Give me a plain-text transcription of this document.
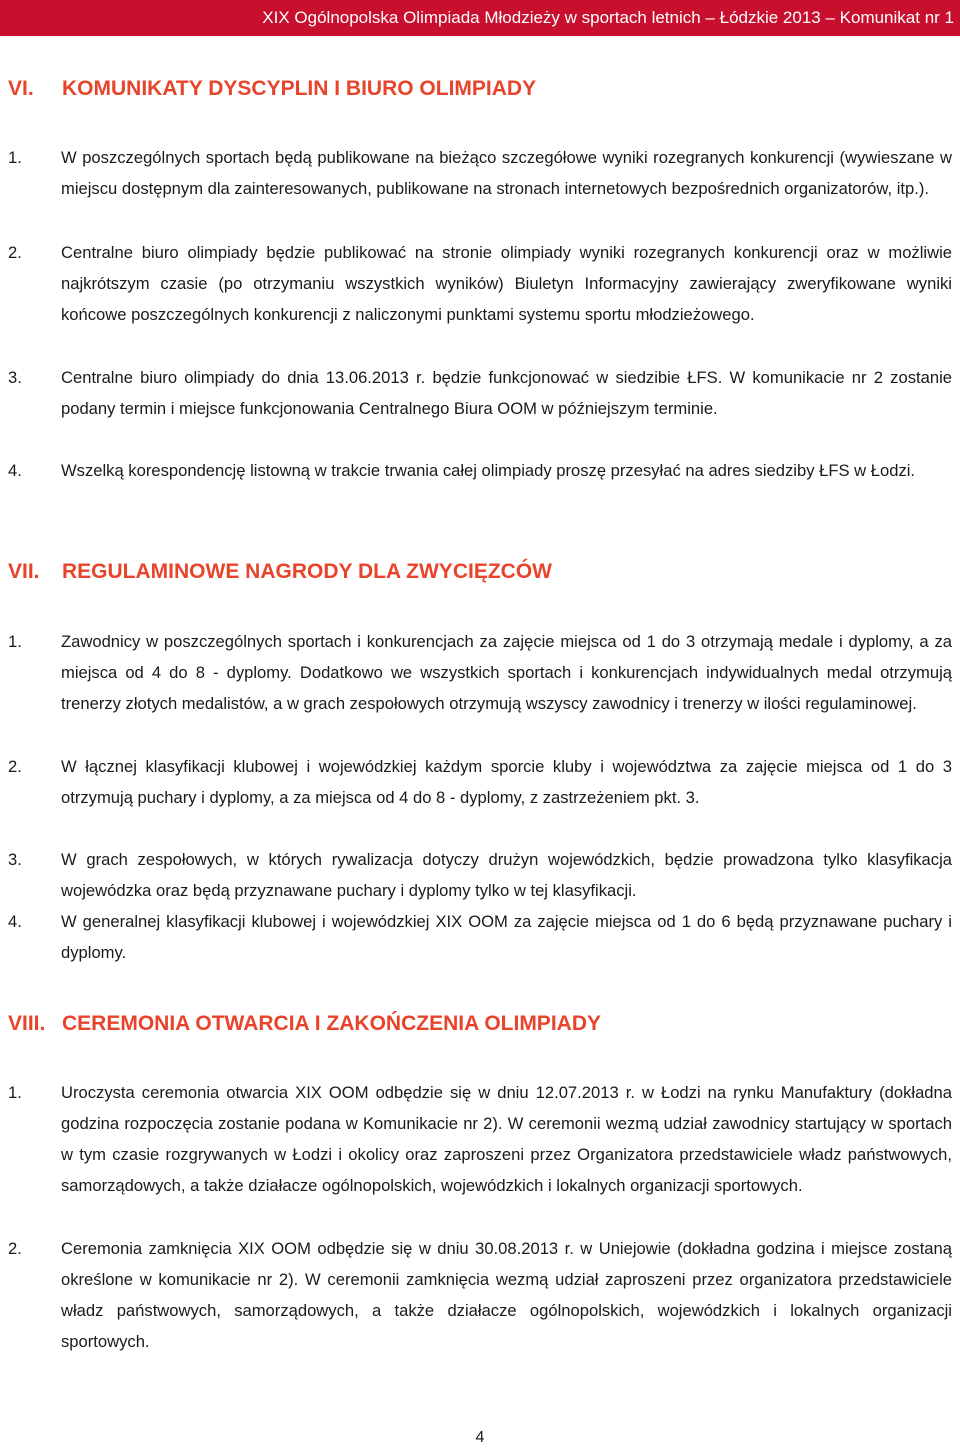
XIX Ogólnopolska Olimpiada Młodzieży w sportach letnich – Łódzkie 2013 – Komunikat nr 1
VI. KOMUNIKATY DYSCYPLIN I BIURO OLIMPIADY
1. W poszczególnych sportach będą publikowane na bieżąco szczegółowe wyniki rozegranych konkurencji (wywieszane w miejscu dostępnym dla zainteresowanych, publikowane na stronach internetowych bezpośrednich organizatorów, itp.).
2. Centralne biuro olimpiady będzie publikować na stronie olimpiady wyniki rozegranych konkurencji oraz w możliwie najkrótszym czasie (po otrzymaniu wszystkich wyników) Biuletyn Informacyjny zawierający zweryfikowane wyniki końcowe poszczególnych konkurencji z naliczonymi punktami systemu sportu młodzieżowego.
3. Centralne biuro olimpiady do dnia 13.06.2013 r. będzie funkcjonować w siedzibie ŁFS. W komunikacie nr 2 zostanie podany termin i miejsce funkcjonowania Centralnego Biura OOM w późniejszym terminie.
4. Wszelką korespondencję listowną w trakcie trwania całej olimpiady proszę przesyłać na adres siedziby ŁFS w Łodzi.
VII. REGULAMINOWE NAGRODY DLA ZWYCIĘZCÓW
1. Zawodnicy w poszczególnych sportach i konkurencjach za zajęcie miejsca od 1 do 3 otrzymają medale i dyplomy, a za miejsca od 4 do 8 - dyplomy. Dodatkowo we wszystkich sportach i konkurencjach indywidualnych medal otrzymują trenerzy złotych medalistów, a w grach zespołowych otrzymują wszyscy zawodnicy i trenerzy w ilości regulaminowej.
2. W łącznej klasyfikacji klubowej i wojewódzkiej każdym sporcie kluby i województwa za zajęcie miejsca od 1 do 3 otrzymują puchary i dyplomy, a za miejsca od 4 do 8 - dyplomy, z zastrzeżeniem pkt. 3.
3. W grach zespołowych, w których rywalizacja dotyczy drużyn wojewódzkich, będzie prowadzona tylko klasyfikacja wojewódzka oraz będą przyznawane puchary i dyplomy tylko w tej klasyfikacji.
4. W generalnej klasyfikacji klubowej i wojewódzkiej XIX OOM za zajęcie miejsca od 1 do 6 będą przyznawane puchary i dyplomy.
VIII. CEREMONIA OTWARCIA I ZAKOŃCZENIA OLIMPIADY
1. Uroczysta ceremonia otwarcia XIX OOM odbędzie się w dniu 12.07.2013 r. w Łodzi na rynku Manufaktury (dokładna godzina rozpoczęcia zostanie podana w Komunikacie nr 2). W ceremonii wezmą udział zawodnicy startujący w sportach w tym czasie rozgrywanych w Łodzi i okolicy oraz zaproszeni przez Organizatora przedstawiciele władz państwowych, samorządowych, a także działacze ogólnopolskich, wojewódzkich i lokalnych organizacji sportowych.
2. Ceremonia zamknięcia XIX OOM odbędzie się w dniu 30.08.2013 r. w Uniejowie (dokładna godzina i miejsce zostaną określone w komunikacie nr 2). W ceremonii zamknięcia wezmą udział zaproszeni przez organizatora przedstawiciele władz państwowych, samorządowych, a także działacze ogólnopolskich, wojewódzkich i lokalnych organizacji sportowych.
4
